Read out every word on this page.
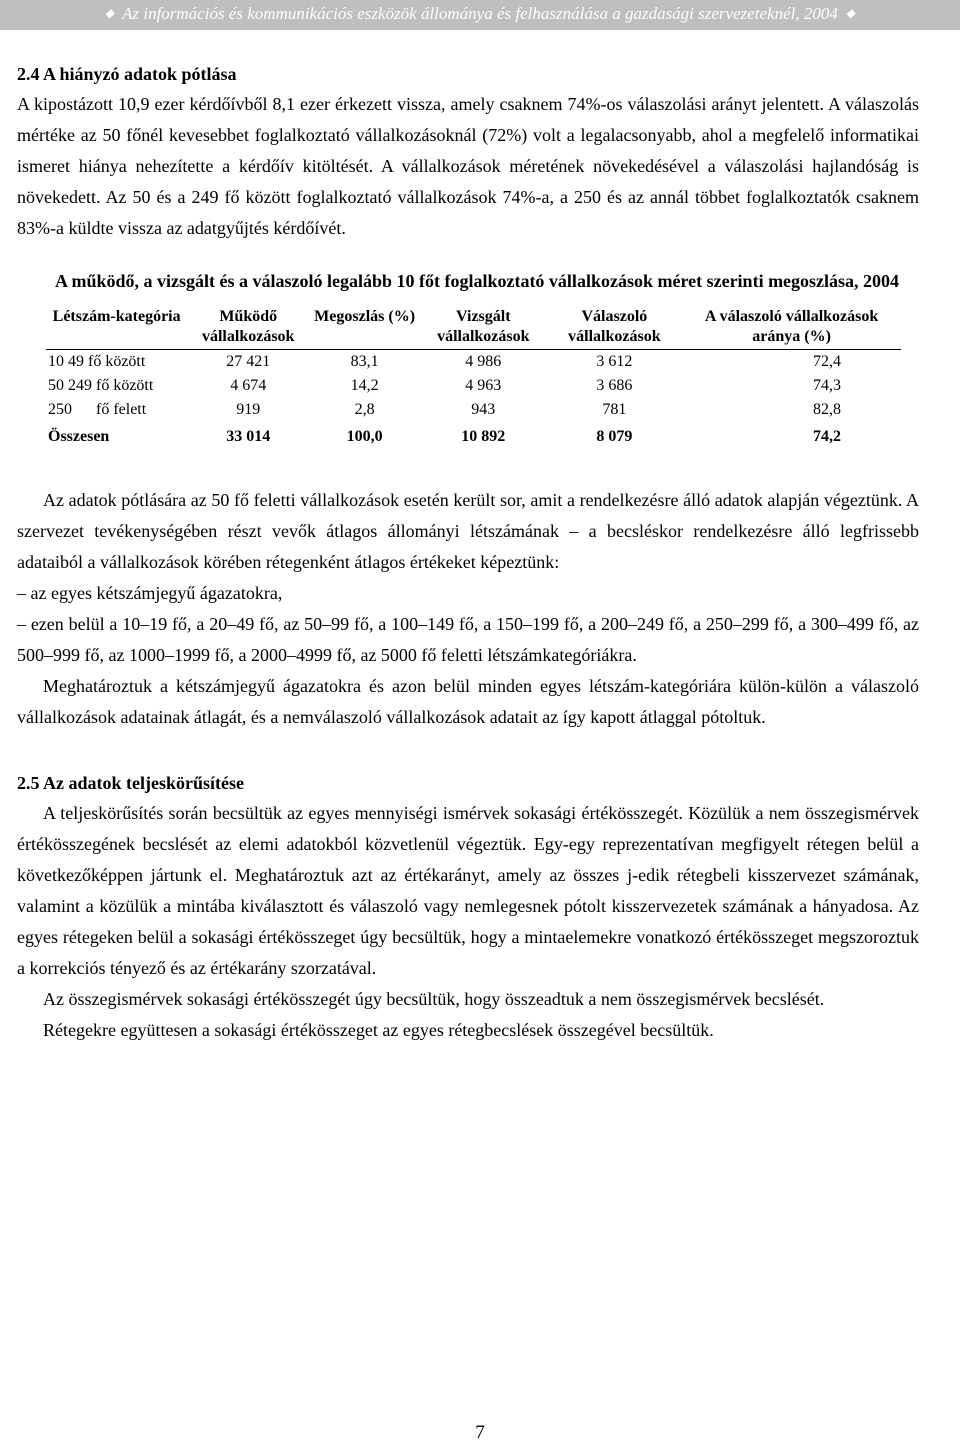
◆ Az információs és kommunikációs eszközök állománya és felhasználása a gazdasági szervezeteknél, 2004 ◆
2.4 A hiányzó adatok pótlása

A kipostázott 10,9 ezer kérdőívből 8,1 ezer érkezett vissza, amely csaknem 74%-os válaszolási arányt jelentett. A válaszolás mértéke az 50 főnél kevesebbet foglalkoztató vállalkozásoknál (72%) volt a legalacsonyabb, ahol a megfelelő informatikai ismeret hiánya nehezítette a kérdőív kitöltését. A vállalkozások méretének növekedésével a válaszolási hajlandóság is növekedett. Az 50 és a 249 fő között foglalkoztató vállalkozások 74%-a, a 250 és az annál többet foglalkoztatók csaknem 83%-a küldte vissza az adatgyűjtés kérdőívét.

A működő, a vizsgált és a válaszoló legalább 10 főt foglalkoztató vállalkozások méret szerinti megoszlása, 2004
Létszám-kategória	Működő vállalkozások	Megoszlás (%)	Vizsgált vállalkozások	Válaszoló vállalkozások	A válaszoló vállalkozások aránya (%)
10 49 fő között	27 421	83,1	4 986	3 612	72,4
50 249 fő között	4 674	14,2	4 963	3 686	74,3
250      fő felett	919	2,8	943	781	82,8
Összesen	33 014	100,0	10 892	8 079	74,2

Az adatok pótlására az 50 fő feletti vállalkozások esetén került sor, amit a rendelkezésre álló adatok alapján végeztünk. A szervezet tevékenységében részt vevők átlagos állományi létszámának – a becsléskor rendelkezésre álló legfrissebb adataiból a vállalkozások körében rétegenként átlagos értékeket képeztünk:

– az egyes kétszámjegyű ágazatokra,

– ezen belül a 10–19 fő, a 20–49 fő, az 50–99 fő, a 100–149 fő, a 150–199 fő, a 200–249 fő, a 250–299 fő, a 300–499 fő, az 500–999 fő, az 1000–1999 fő, a 2000–4999 fő, az 5000 fő feletti létszámkategóriákra.

Meghatároztuk a kétszámjegyű ágazatokra és azon belül minden egyes létszám-kategóriára külön-külön a válaszoló vállalkozások adatainak átlagát, és a nemválaszoló vállalkozások adatait az így kapott átlaggal pótoltuk.

2.5 Az adatok teljeskörűsítése

A teljeskörűsítés során becsültük az egyes mennyiségi ismérvek sokasági értékösszegét. Közülük a nem összegismérvek értékösszegének becslését az elemi adatokból közvetlenül végeztük. Egy-egy reprezentatívan megfigyelt rétegen belül a következőképpen jártunk el. Meghatároztuk azt az értékarányt, amely az összes j-edik rétegbeli kisszervezet számának, valamint a közülük a mintába kiválasztott és válaszoló vagy nemlegesnek pótolt kisszervezetek számának a hányadosa. Az egyes rétegeken belül a sokasági értékösszeget úgy becsültük, hogy a mintaelemekre vonatkozó értékösszeget megszoroztuk a korrekciós tényező és az értékarány szorzatával.

Az összegismérvek sokasági értékösszegét úgy becsültük, hogy összeadtuk a nem összegismérvek becslését.

Rétegekre együttesen a sokasági értékösszeget az egyes rétegbecslések összegével becsültük.

7
